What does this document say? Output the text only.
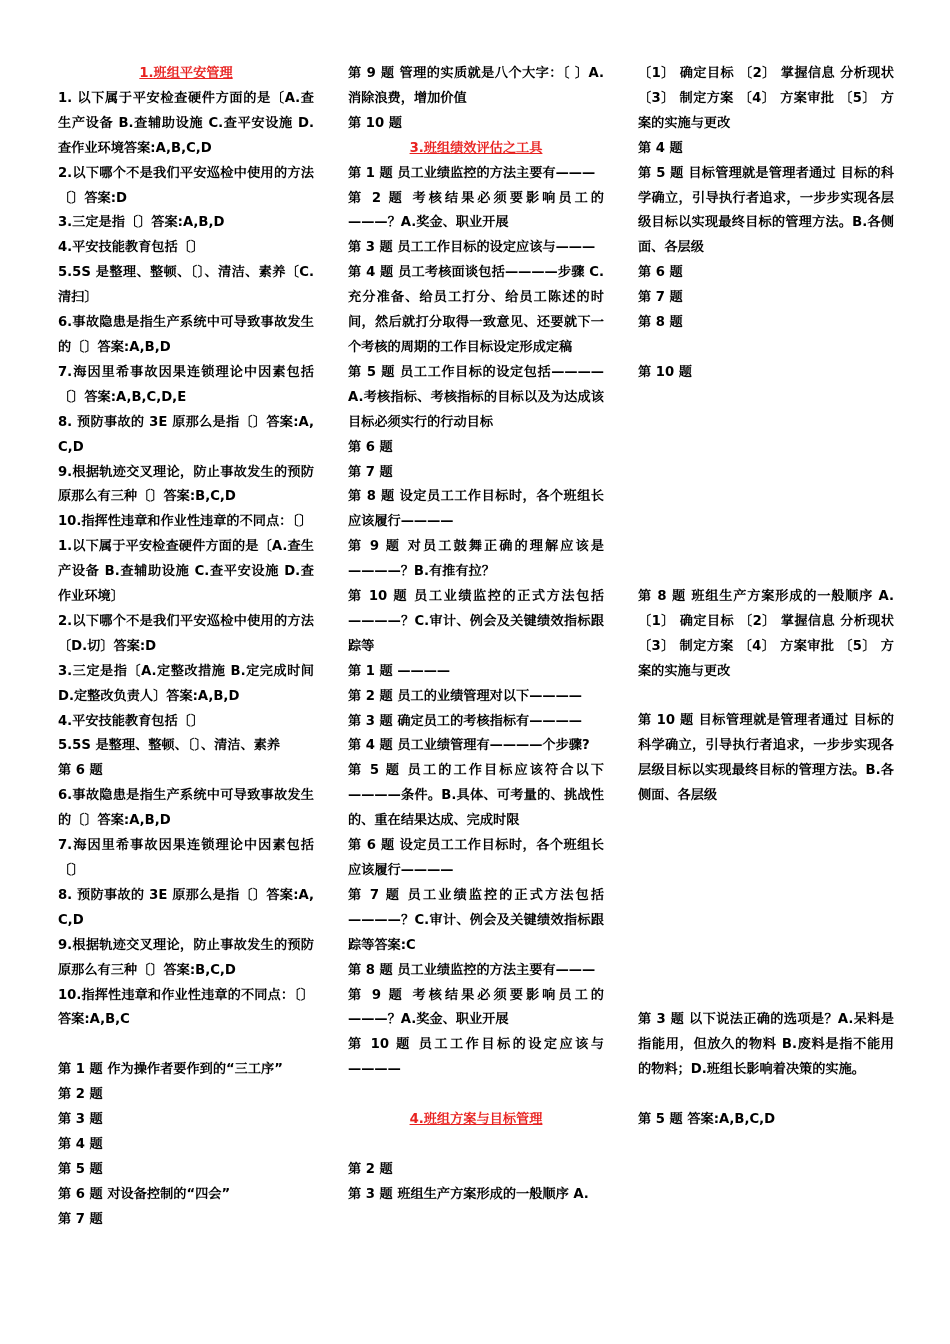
1.班组平安管理

1. 以下属于平安检查硬件方面的是〔A.查生产设备 B.查辅助设施 C.查平安设施 D.查作业环境答案:A,B,C,D

2.以下哪个不是我们平安巡检中使用的方法〔〕答案:D

3.三定是指〔〕答案:A,B,D

4.平安技能教育包括〔〕

5.5S 是整理、整顿、〔〕、清洁、素养〔C.清扫〕

6.事故隐患是指生产系统中可导致事故发生的〔〕答案:A,B,D

7.海因里希事故因果连锁理论中因素包括〔〕答案:A,B,C,D,E

8. 预防事故的 3E 原那么是指〔〕答案:A,C,D

9.根据轨迹交叉理论，防止事故发生的预防原那么有三种〔〕答案:B,C,D

10.指挥性违章和作业性违章的不同点：〔〕

1.以下属于平安检查硬件方面的是〔A.查生产设备 B.查辅助设施 C.查平安设施 D.查作业环境〕

2.以下哪个不是我们平安巡检中使用的方法〔D.切〕答案:D

3.三定是指〔A.定整改措施 B.定完成时间 D.定整改负责人〕答案:A,B,D

4.平安技能教育包括〔〕

5.5S 是整理、整顿、〔〕、清洁、素养

第 6 题

6.事故隐患是指生产系统中可导致事故发生的〔〕答案:A,B,D

7.海因里希事故因果连锁理论中因素包括〔〕

8. 预防事故的 3E 原那么是指〔〕答案:A,C,D

9.根据轨迹交叉理论，防止事故发生的预防原那么有三种〔〕答案:B,C,D

10.指挥性违章和作业性违章的不同点：〔〕答案:A,B,C

第 1 题 作为操作者要作到的“三工序”

第 2 题

第 3 题

第 4 题

第 5 题

第 6 题 对设备控制的“四会”

第 7 题

第 9 题 管理的实质就是八个大字：〔 〕A.消除浪费，增加价值

第 10 题

3.班组绩效评估之工具

第 1 题 员工业绩监控的方法主要有———

第 2 题 考核结果必须要影响员工的———？A.奖金、职业开展

第 3 题 员工工作目标的设定应该与———

第 4 题 员工考核面谈包括————步骤 C.充分准备、给员工打分、给员工陈述的时间，然后就打分取得一致意见、还要就下一个考核的周期的工作目标设定形成定稿

第 5 题 员工工作目标的设定包括————A.考核指标、考核指标的目标以及为达成该目标必须实行的行动目标

第 6 题

第 7 题

第 8 题 设定员工工作目标时，各个班组长应该履行————

第 9 题 对员工鼓舞正确的理解应该是————？B.有推有拉？

第 10 题 员工业绩监控的正式方法包括————？C.审计、例会及关键绩效指标跟踪等

第 1 题 ————

第 2 题 员工的业绩管理对以下————

第 3 题 确定员工的考核指标有————

第 4 题 员工业绩管理有————个步骤?

第 5 题 员工的工作目标应该符合以下————条件。B.具体、可考量的、挑战性的、重在结果达成、完成时限

第 6 题 设定员工工作目标时，各个班组长应该履行————

第 7 题 员工业绩监控的正式方法包括————？C.审计、例会及关键绩效指标跟踪等答案:C

第 8 题 员工业绩监控的方法主要有———

第 9 题 考核结果必须要影响员工的———？A.奖金、职业开展

第 10 题 员工工作目标的设定应该与————

4.班组方案与目标管理

第 2 题

第 3 题 班组生产方案形成的一般顺序 A.

〔1〕 确定目标 〔2〕 掌握信息 分析现状 〔3〕 制定方案 〔4〕 方案审批 〔5〕 方案的实施与更改

第 4 题

第 5 题 目标管理就是管理者通过 目标的科学确立，引导执行者追求，一步步实现各层级目标以实现最终目标的管理方法。B.各侧面、各层级

第 6 题

第 7 题

第 8 题

第 10 题

第 8 题 班组生产方案形成的一般顺序 A. 〔1〕 确定目标 〔2〕 掌握信息 分析现状 〔3〕 制定方案 〔4〕 方案审批 〔5〕 方案的实施与更改

第 10 题 目标管理就是管理者通过 目标的科学确立，引导执行者追求，一步步实现各层级目标以实现最终目标的管理方法。B.各侧面、各层级

第 3 题 以下说法正确的选项是？A.呆料是指能用，但放久的物料 B.废料是指不能用的物料；D.班组长影响着决策的实施。

第 5 题 答案:A,B,C,D
